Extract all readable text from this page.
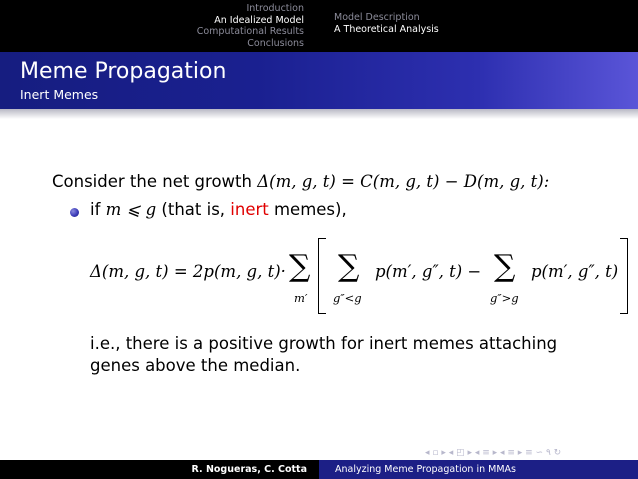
Introduction
An Idealized Model
Computational Results
Conclusions
Model Description
A Theoretical Analysis
Meme Propagation
Inert Memes
Consider the net growth Δ(m, g, t) = C(m, g, t) − D(m, g, t):
if m ⩽ g (that is, inert memes),
Δ(m, g, t) = 2p(m, g, t)· ∑
m′
∑
g″<g
p(m′, g″, t) − ∑
g″>g
p(m′, g″, t)
i.e., there is a positive growth for inert memes attaching genes above the median.
◂ ▫ ▸ ◂ ◰ ▸ ◂ ≡ ▸ ◂ ≡ ▸ ≡ ∽ ۹ ↻
R. Nogueras, C. Cotta	Analyzing Meme Propagation in MMAs
